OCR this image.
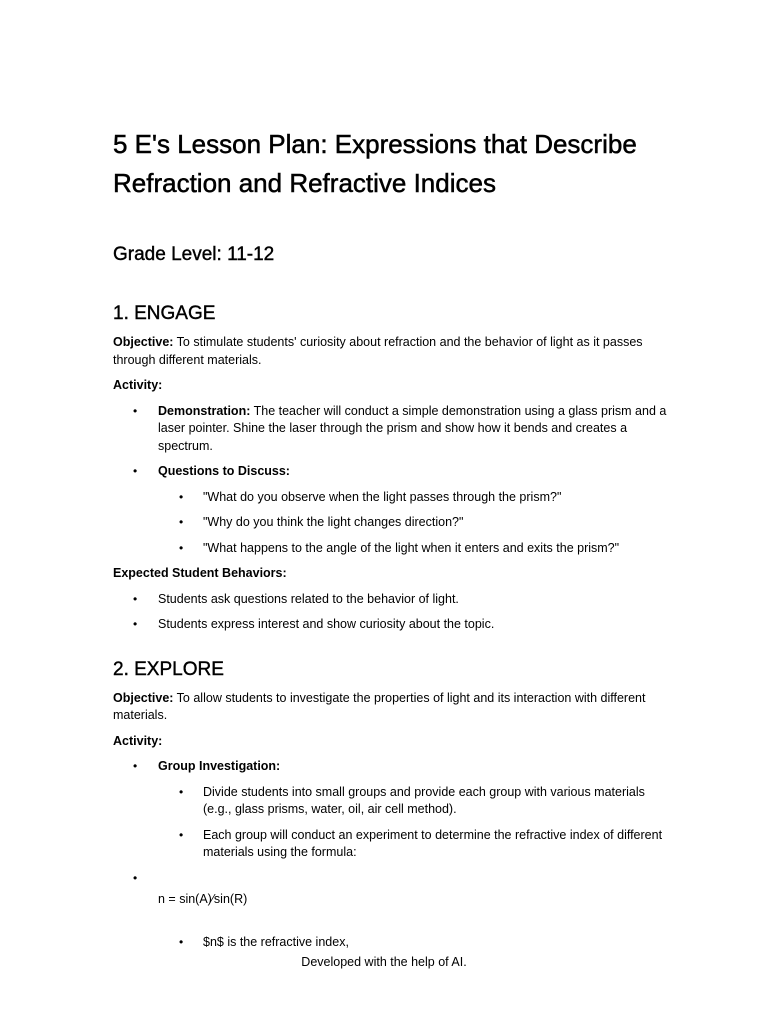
5 E's Lesson Plan: Expressions that Describe Refraction and Refractive Indices
Grade Level: 11-12
1. ENGAGE

Objective: To stimulate students' curiosity about refraction and the behavior of light as it passes through different materials.

Activity:

• Demonstration: The teacher will conduct a simple demonstration using a glass prism and a laser pointer. Shine the laser through the prism and show how it bends and creates a spectrum.
• Questions to Discuss:
• "What do you observe when the light passes through the prism?"
• "Why do you think the light changes direction?"
• "What happens to the angle of the light when it enters and exits the prism?"

Expected Student Behaviors:

• Students ask questions related to the behavior of light.
• Students express interest and show curiosity about the topic.
2. EXPLORE

Objective: To allow students to investigate the properties of light and its interaction with different materials.

Activity:

• Group Investigation:
• Divide students into small groups and provide each group with various materials (e.g., glass prisms, water, oil, air cell method).
• Each group will conduct an experiment to determine the refractive index of different materials using the formula:
•
n = sin(A)⁄sin(R)
• $n$ is the refractive index,
Developed with the help of AI.
